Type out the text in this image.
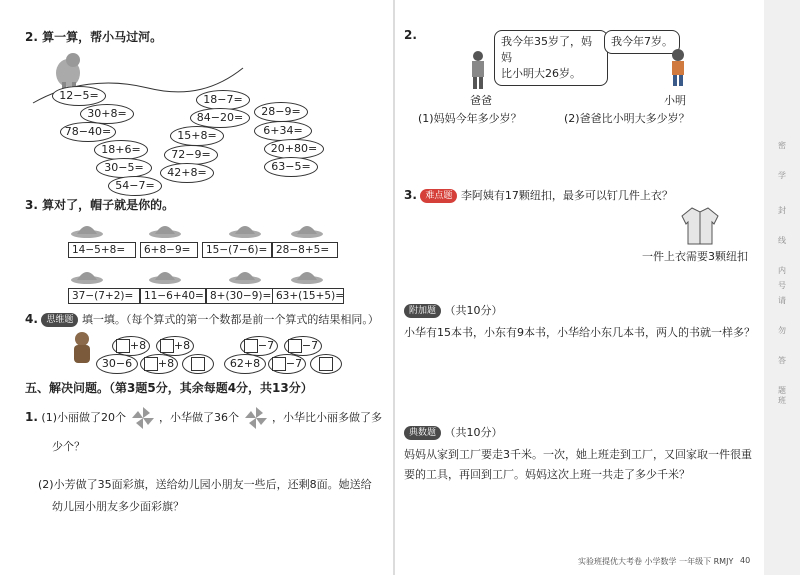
2. 算一算，帮小马过河。
12−5=
30+8=
78−40=
18+6=
30−5=
54−7=
18−7=
84−20=
15+8=
72−9=
42+8=
28−9=
6+34=
20+80=
63−5=
3. 算对了，帽子就是你的。
14−5+8=	6+8−9=	15−(7−6)= 28−8+5=
37−(7+2)=	11−6+40= 8+(30−9)= 63+(15+5)=
4. 思维题 填一填。（每个算式的第一个数都是前一个算式的结果相同。）
+8	+8	−7	−7
30−6	+8	62+8	−7
五、解决问题。（第3题5分，其余每题4分，共13分）
1. (1)小丽做了20个	，小华做了36个	，小华比小丽多做了多
少个？
(2)小芳做了35面彩旗，送给幼儿园小朋友一些后，还剩8面。她送给
幼儿园小朋友多少面彩旗？
2.	我今年35岁了，妈妈
比小明大26岁。
我今年7岁。
爸爸	小明
(1)妈妈今年多少岁？	(2)爸爸比小明大多少岁？
3. 难点题 李阿姨有17颗纽扣，最多可以钉几件上衣？
一件上衣需要3颗纽扣
附加题 （共10分）
小华有15本书，小东有9本书，小华给小东几本书，两人的书就一样多？
典数题 （共10分）
妈妈从家到工厂要走3千米。一次，她上班走到工厂，又回家取一件很重
要的工具，再回到工厂。妈妈这次上班一共走了多少千米？
实验班提优大考卷 小学数学 一年级下 RMJY 40
密
封
线
内
请
勿
答
题
学
号
班
